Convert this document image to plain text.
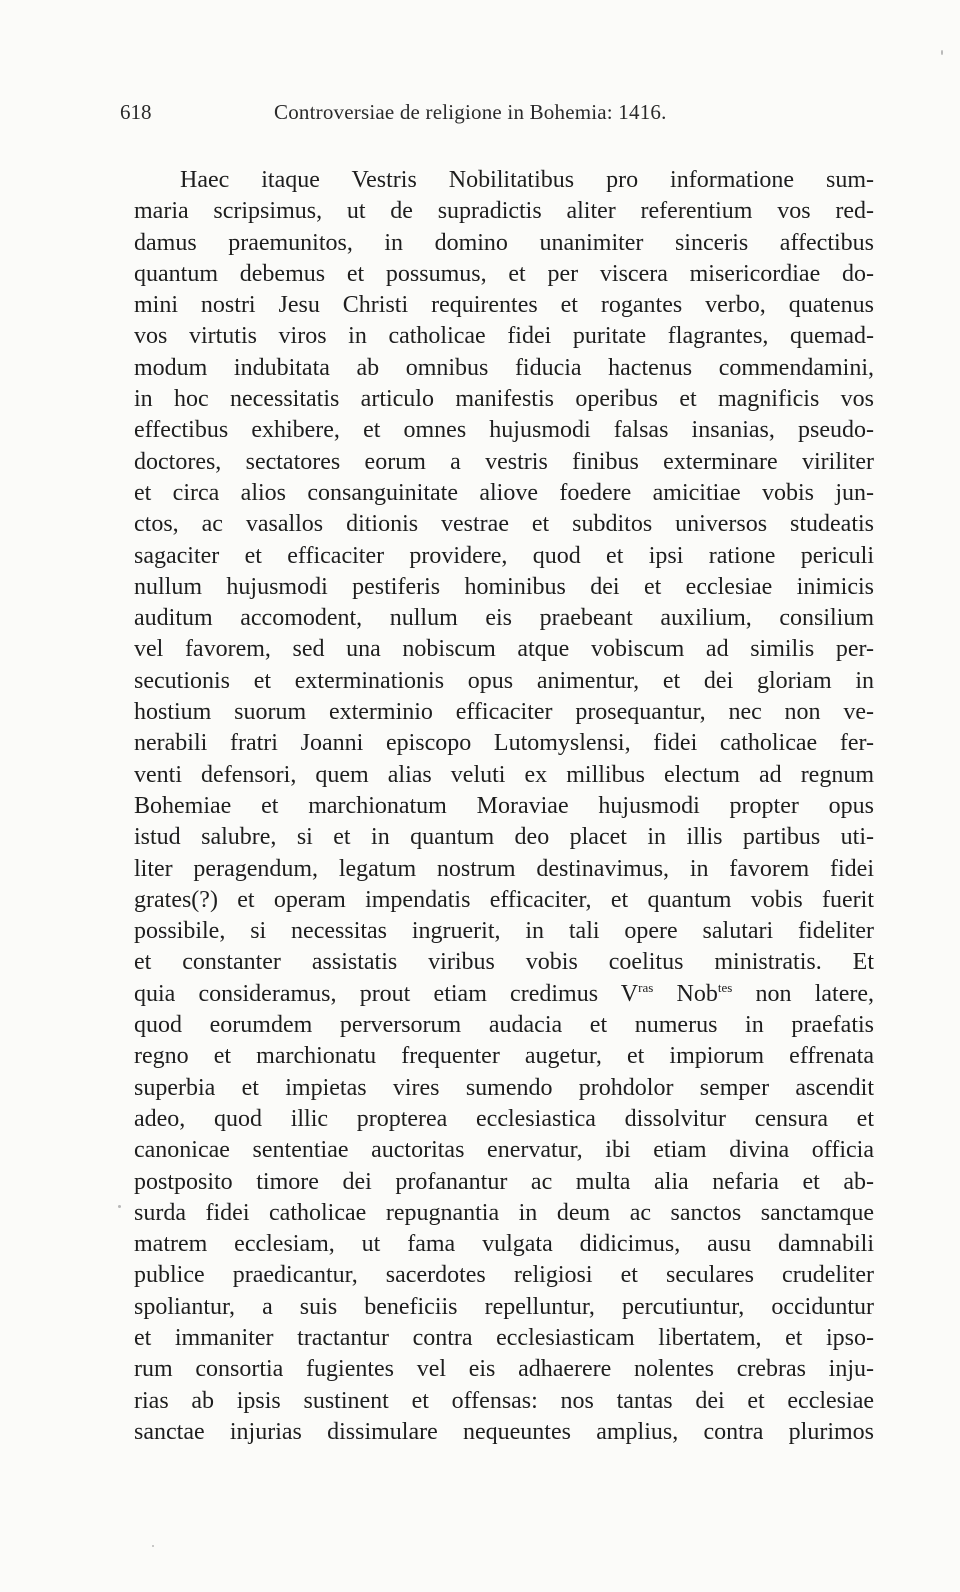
618	Controversiae de religione in Bohemia: 1416.
Haec itaque Vestris Nobilitatibus pro informatione sum-
maria scripsimus, ut de supradictis aliter referentium vos red-
damus praemunitos, in domino unanimiter sinceris affectibus
quantum debemus et possumus, et per viscera misericordiae do-
mini nostri Jesu Christi requirentes et rogantes verbo, quatenus
vos virtutis viros in catholicae fidei puritate flagrantes, quemad-
modum indubitata ab omnibus fiducia hactenus commendamini,
in hoc necessitatis articulo manifestis operibus et magnificis vos
effectibus exhibere, et omnes hujusmodi falsas insanias, pseudo-
doctores, sectatores eorum a vestris finibus exterminare viriliter
et circa alios consanguinitate aliove foedere amicitiae vobis jun-
ctos, ac vasallos ditionis vestrae et subditos universos studeatis
sagaciter et efficaciter providere, quod et ipsi ratione periculi
nullum hujusmodi pestiferis hominibus dei et ecclesiae inimicis
auditum accomodent, nullum eis praebeant auxilium, consilium
vel favorem, sed una nobiscum atque vobiscum ad similis per-
secutionis et exterminationis opus animentur, et dei gloriam in
hostium suorum exterminio efficaciter prosequantur, nec non ve-
nerabili fratri Joanni episcopo Lutomyslensi, fidei catholicae fer-
venti defensori, quem alias veluti ex millibus electum ad regnum
Bohemiae et marchionatum Moraviae hujusmodi propter opus
istud salubre, si et in quantum deo placet in illis partibus uti-
liter peragendum, legatum nostrum destinavimus, in favorem fidei
grates(?) et operam impendatis efficaciter, et quantum vobis fuerit
possibile, si necessitas ingruerit, in tali opere salutari fideliter
et constanter assistatis viribus vobis coelitus ministratis. Et
quia consideramus, prout etiam credimus $V^{ras}$ Nob$^{tes}$ non latere,
quod eorumdem perversorum audacia et numerus in praefatis
regno et marchionatu frequenter augetur, et impiorum effrenata
superbia et impietas vires sumendo prohdolor semper ascendit
adeo, quod illic propterea ecclesiastica dissolvitur censura et
canonicae sententiae auctoritas enervatur, ibi etiam divina officia
postposito timore dei profanantur ac multa alia nefaria et ab-
surda fidei catholicae repugnantia in deum ac sanctos sanctamque
matrem ecclesiam, ut fama vulgata didicimus, ausu damnabili
publice praedicantur, sacerdotes religiosi et seculares crudeliter
spoliantur, a suis beneficiis repelluntur, percutiuntur, occiduntur
et immaniter tractantur contra ecclesiasticam libertatem, et ipso-
rum consortia fugientes vel eis adhaerere nolentes crebras inju-
rias ab ipsis sustinent et offensas: nos tantas dei et ecclesiae
sanctae injurias dissimulare nequeuntes amplius, contra plurimos
